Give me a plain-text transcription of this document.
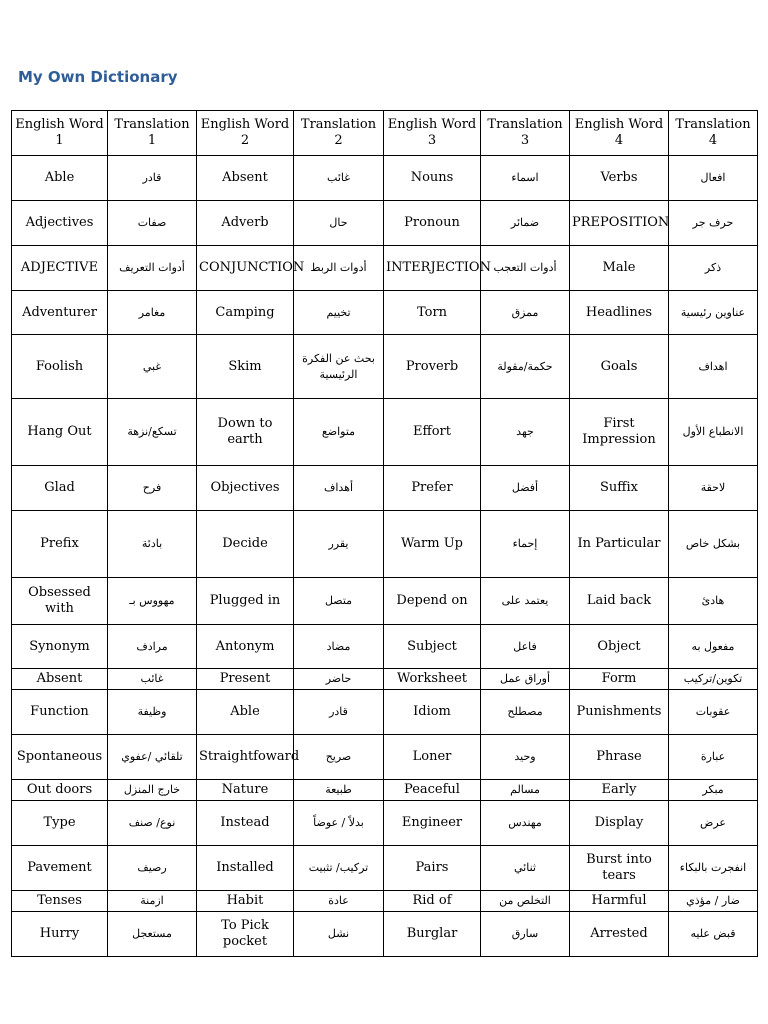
My Own Dictionary
English Word 1	Translation 1	English Word 2	Translation 2	English Word 3	Translation 3	English Word 4	Translation 4
Able	قادر	Absent	غائب	Nouns	اسماء	Verbs	افعال
Adjectives	صفات	Adverb	حال	Pronoun	ضمائر	PREPOSITION	حرف جر
ADJECTIVE	أدوات التعريف	CONJUNCTION	أدوات الربط	INTERJECTION	أدوات التعجب	Male	ذكر
Adventurer	مغامر	Camping	تخييم	Torn	ممزق	Headlines	عناوين رئيسية
Foolish	غبي	Skim	بحث عن الفكرة الرئيسية	Proverb	حكمة/مقولة	Goals	اهداف
Hang Out	تسكع/نزهة	Down to earth	متواضع	Effort	جهد	First Impression	الانطباع الأول
Glad	فرح	Objectives	أهداف	Prefer	أفضل	Suffix	لاحقة
Prefix	بادئة	Decide	يقرر	Warm Up	إحماء	In Particular	بشكل خاص
Obsessed with	مهووس بـ	Plugged in	متصل	Depend on	يعتمد على	Laid back	هادئ
Synonym	مرادف	Antonym	مضاد	Subject	فاعل	Object	مفعول به
Absent	غائب	Present	حاضر	Worksheet	أوراق عمل	Form	تكوين/تركيب
Function	وظيفة	Able	قادر	Idiom	مصطلح	Punishments	عقوبات
Spontaneous	تلقائي /عفوي	Straightfoward	صريح	Loner	وحيد	Phrase	عبارة
Out doors	خارج المنزل	Nature	طبيعة	Peaceful	مسالم	Early	مبكر
Type	نوع/ صنف	Instead	بدلاً / عوضاً	Engineer	مهندس	Display	عرض
Pavement	رصيف	Installed	تركيب/ تثبيت	Pairs	ثنائي	Burst into tears	انفجرت بالبكاء
Tenses	ازمنة	Habit	عادة	Rid of	التخلص من	Harmful	ضار / مؤذي
Hurry	مستعجل	To Pick pocket	نشل	Burglar	سارق	Arrested	قبض عليه
